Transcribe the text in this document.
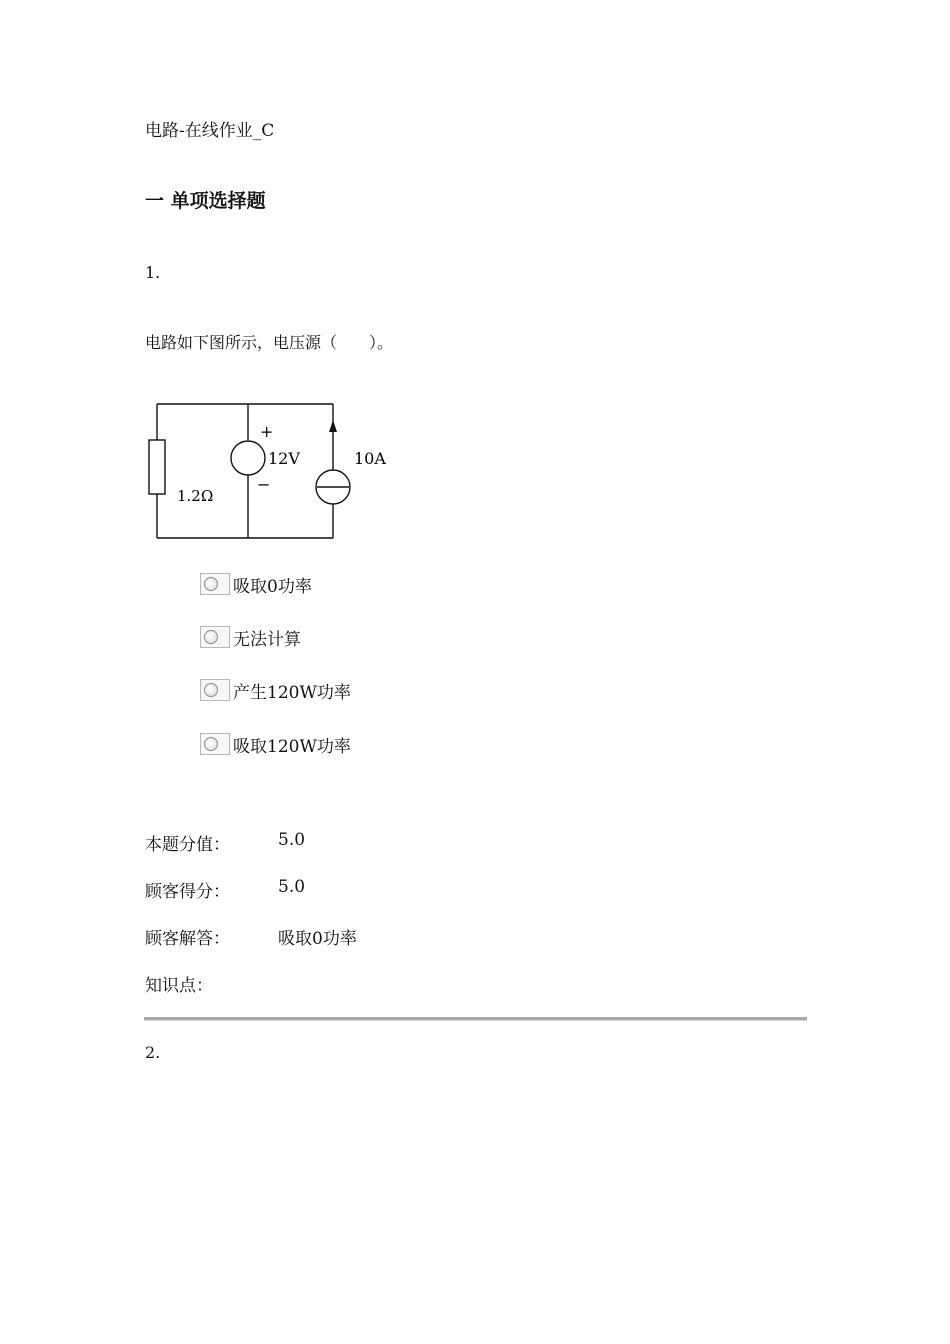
电路-在线作业_C
一 单项选择题
1.
电路如下图所示，电压源（　　）。
+
−
12V	10A
1.2Ω
吸取0功率
无法计算
产生120W功率
吸取120W功率
本题分值：	5.0
顾客得分：	5.0
顾客解答：	吸取0功率
知识点：
2.
